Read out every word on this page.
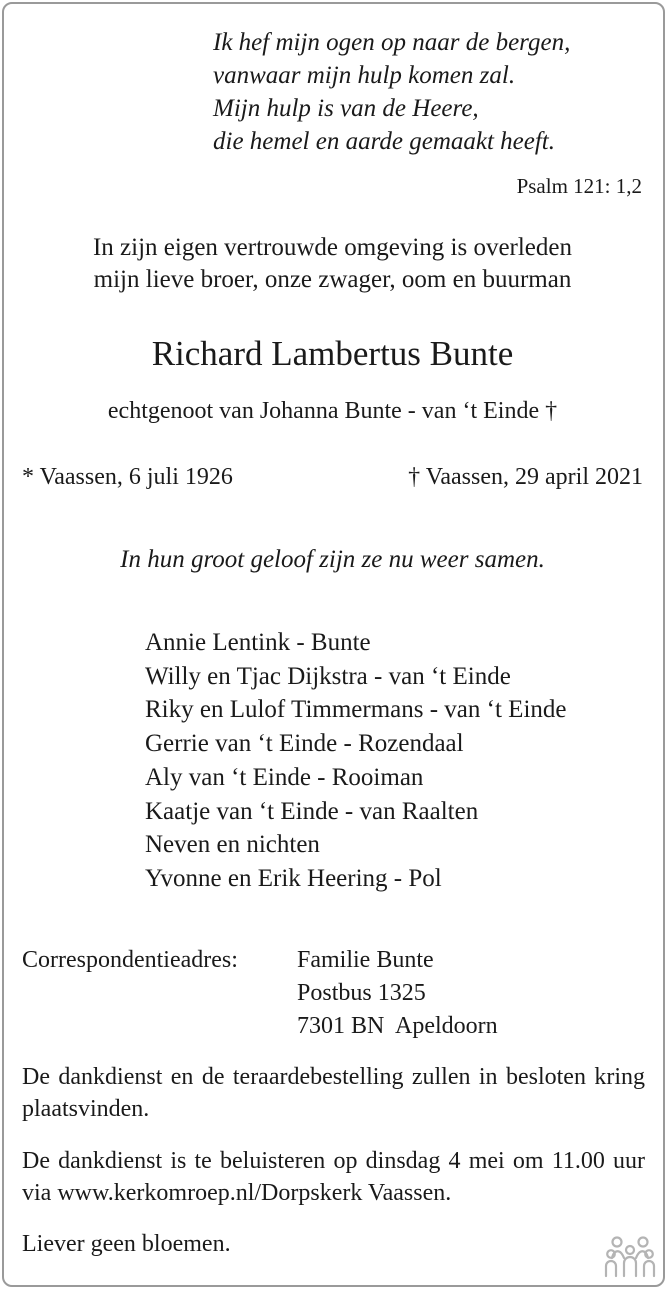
Ik hef mijn ogen op naar de bergen,
vanwaar mijn hulp komen zal.
Mijn hulp is van de Heere,
die hemel en aarde gemaakt heeft.
Psalm 121: 1,2
In zijn eigen vertrouwde omgeving is overleden
mijn lieve broer, onze zwager, oom en buurman
Richard Lambertus Bunte
echtgenoot van Johanna Bunte - van ‘t Einde †
* Vaassen, 6 juli 1926	† Vaassen, 29 april 2021
In hun groot geloof zijn ze nu weer samen.
Annie Lentink - Bunte
Willy en Tjac Dijkstra - van ‘t Einde
Riky en Lulof Timmermans - van ‘t Einde
Gerrie van ‘t Einde - Rozendaal
Aly van ‘t Einde - Rooiman
Kaatje van ‘t Einde - van Raalten
Neven en nichten
Yvonne en Erik Heering - Pol
Correspondentieadres: Familie Bunte
Postbus 1325
7301 BN  Apeldoorn
De dankdienst en de teraardebestelling zullen in besloten kring plaatsvinden.
De dankdienst is te beluisteren op dinsdag 4 mei om 11.00 uur via www.kerkomroep.nl/Dorpskerk Vaassen.
Liever geen bloemen.
